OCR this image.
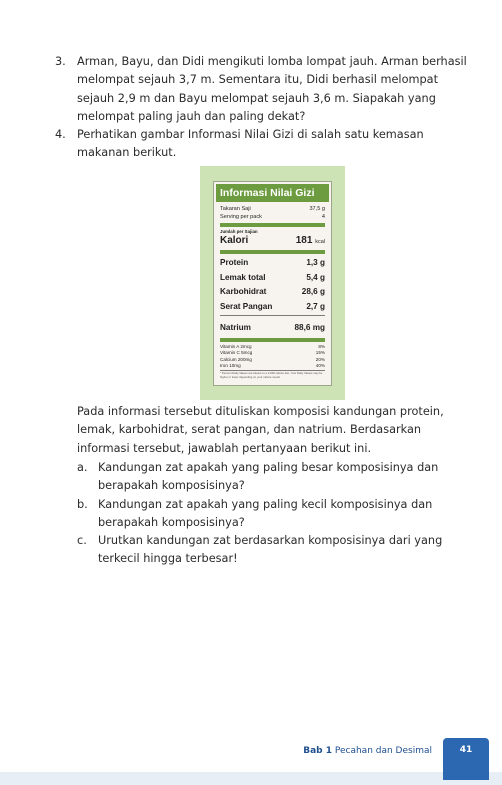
3. Arman, Bayu, dan Didi mengikuti lomba lompat jauh. Arman berhasil melompat sejauh 3,7 m. Sementara itu, Didi berhasil melompat sejauh 2,9 m dan Bayu melompat sejauh 3,6 m. Siapakah yang melompat paling jauh dan paling dekat?
4. Perhatikan gambar Informasi Nilai Gizi di salah satu kemasan makanan berikut.
Informasi Nilai Gizi
Takaran Saji	37,5 g
Serving per pack	4
Jumlah per Sajian
Kalori	181 kcal
Protein	1,3 g
Lemak total	5,4 g
Karbohidrat	28,6 g
Serat Pangan	2,7 g
Natrium	88,6 mg
Vitamin A 2mcg	8%
Vitamin C 5mcg	15%
Calcium 200mg	20%
Iron 10mg	40%
* Percent Daily Values are based on a 2,000 calorie diet. Your Daily Values may be higher or lower depending on your calorie needs.
Pada informasi tersebut dituliskan komposisi kandungan protein, lemak, karbohidrat, serat pangan, dan natrium. Berdasarkan informasi tersebut, jawablah pertanyaan berikut ini.
a. Kandungan zat apakah yang paling besar komposisinya dan berapakah komposisinya?
b. Kandungan zat apakah yang paling kecil komposisinya dan berapakah komposisinya?
c. Urutkan kandungan zat berdasarkan komposisinya dari yang terkecil hingga terbesar!
Bab 1 Pecahan dan Desimal	41
